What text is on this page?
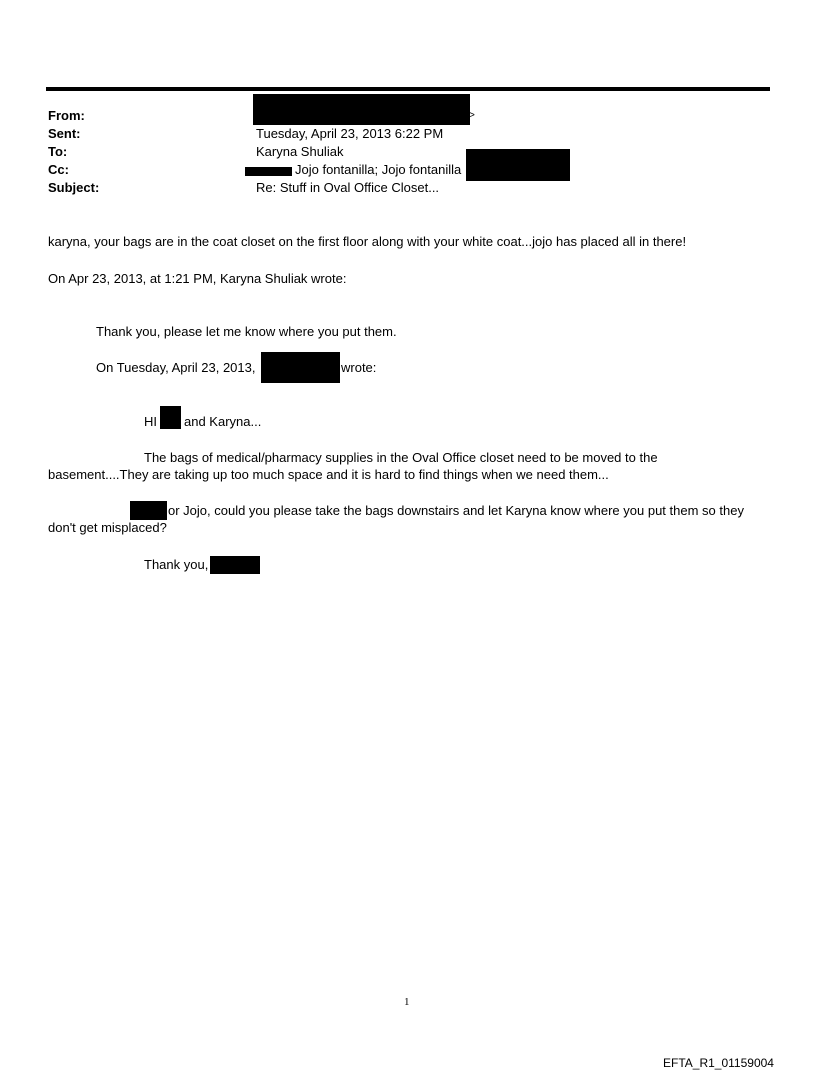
From:
Sent:
To:
Cc:
Subject:
>
Tuesday, April 23, 2013 6:22 PM
Karyna Shuliak
Jojo fontanilla; Jojo fontanilla
Re: Stuff in Oval Office Closet...
karyna, your bags are in the coat closet on the first floor along with your white coat...jojo has placed all in there!
On Apr 23, 2013, at 1:21 PM, Karyna Shuliak wrote:
Thank you, please let me know where you put them.
On Tuesday, April 23, 2013,	wrote:
HI and Karyna...
The bags of medical/pharmacy supplies in the Oval Office closet need to be moved to the
basement....They are taking up too much space and it is hard to find things when we need them...
or Jojo, could you please take the bags downstairs and let Karyna know where you put them so they
don't get misplaced?
Thank you,
1
EFTA_R1_01159004
